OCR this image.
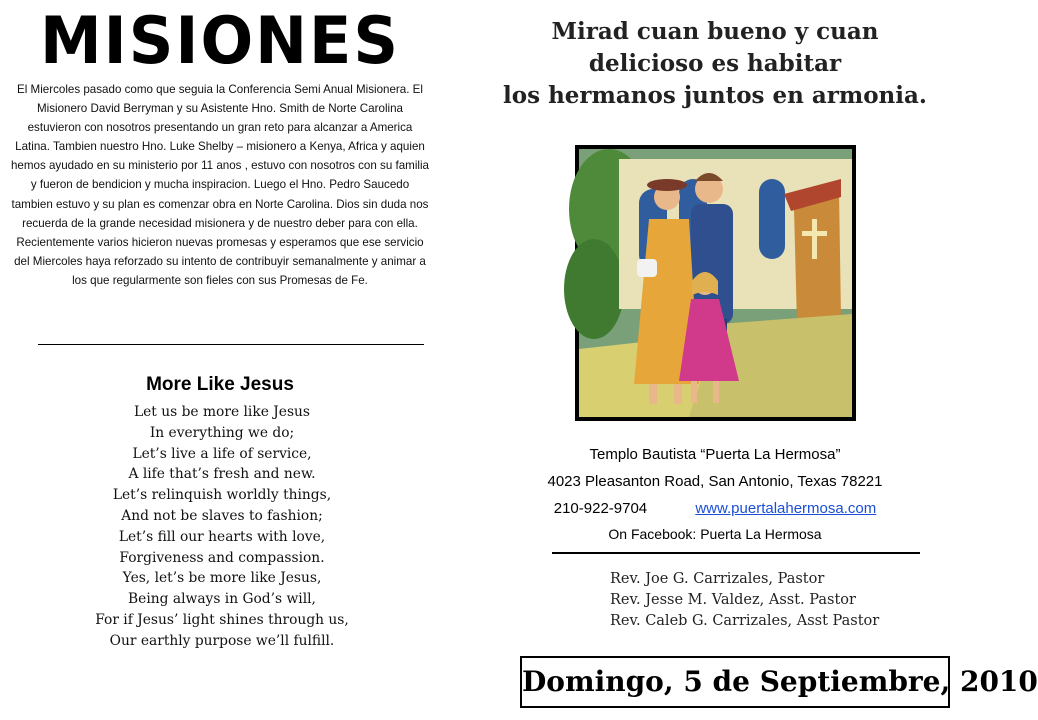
MISIONES
El Miercoles pasado como que seguia la Conferencia Semi Anual Misionera. El Misionero David Berryman y su Asistente Hno. Smith de Norte Carolina estuvieron con nosotros presentando un gran reto para alcanzar a America Latina. Tambien nuestro Hno. Luke Shelby – misionero a Kenya, Africa y aquien hemos ayudado en su ministerio por 11 anos , estuvo con nosotros con su familia y fueron de bendicion y mucha inspiracion. Luego el Hno. Pedro Saucedo tambien estuvo y su plan es comenzar obra en Norte Carolina. Dios sin duda nos recuerda de la grande necesidad misionera y de nuestro deber para con ella. Recientemente varios hicieron nuevas promesas y esperamos que ese servicio del Miercoles haya reforzado su intento de contribuyir semanalmente y animar a los que regularmente son fieles con sus Promesas de Fe.
More Like Jesus
Let us be more like Jesus
In everything we do;
Let’s live a life of service,
A life that’s fresh and new.
Let’s relinquish worldly things,
And not be slaves to fashion;
Let’s fill our hearts with love,
Forgiveness and compassion.
Yes, let’s be more like Jesus,
Being always in God’s will,
For if Jesus’ light shines through us,
Our earthly purpose we’ll fulfill.
Mirad cuan bueno y cuan
delicioso es habitar
los hermanos juntos en armonia.
Templo Bautista “Puerta La Hermosa”
4023 Pleasanton Road, San Antonio, Texas 78221
210-922-9704	www.puertalahermosa.com
On Facebook: Puerta La Hermosa
Rev. Joe G. Carrizales, Pastor
Rev. Jesse M. Valdez, Asst. Pastor
Rev. Caleb G. Carrizales, Asst Pastor
Domingo, 5 de Septiembre, 2010
